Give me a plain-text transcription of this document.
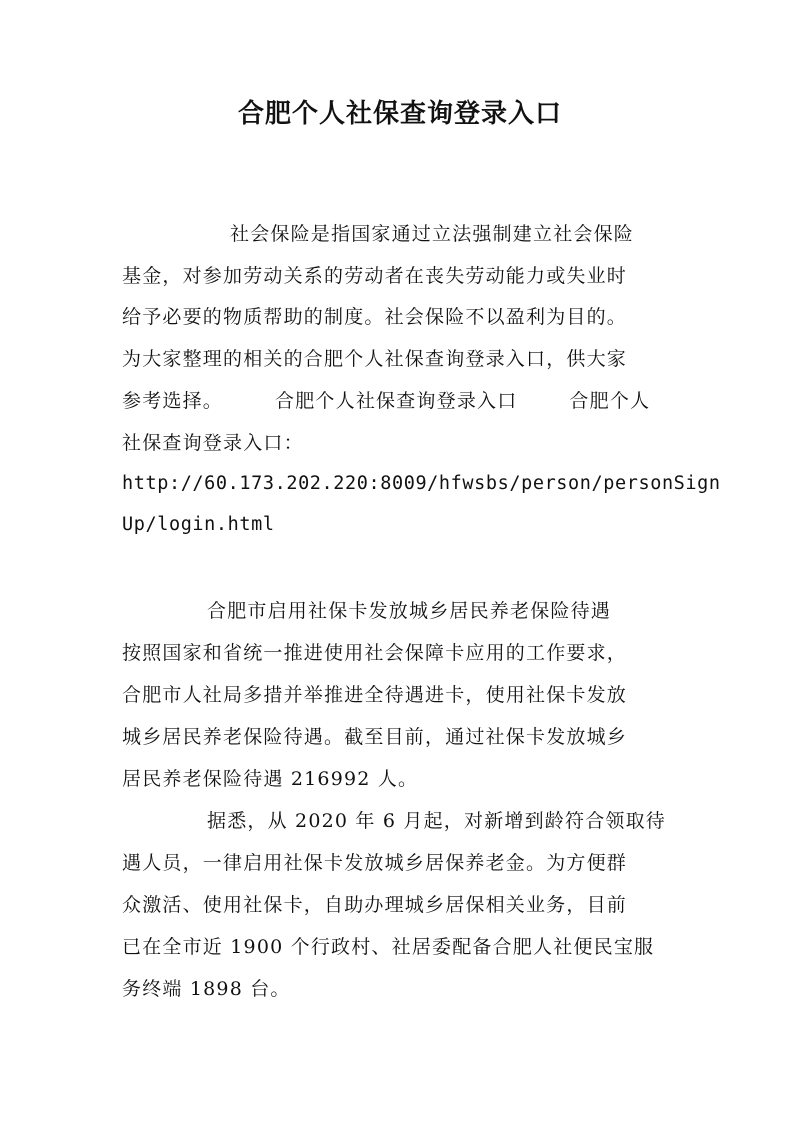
合肥个人社保查询登录入口
社会保险是指国家通过立法强制建立社会保险
基金，对参加劳动关系的劳动者在丧失劳动能力或失业时
给予必要的物质帮助的制度。社会保险不以盈利为目的。
为大家整理的相关的合肥个人社保查询登录入口，供大家
参考选择。	合肥个人社保查询登录入口	合肥个人
社保查询登录入口：
http://60.173.202.220:8009/hfwsbs/person/personSign
Up/login.html
合肥市启用社保卡发放城乡居民养老保险待遇
按照国家和省统一推进使用社会保障卡应用的工作要求，
合肥市人社局多措并举推进全待遇进卡，使用社保卡发放
城乡居民养老保险待遇。截至目前，通过社保卡发放城乡
居民养老保险待遇 216992 人。
据悉，从 2020 年 6 月起，对新增到龄符合领取待
遇人员，一律启用社保卡发放城乡居保养老金。为方便群
众激活、使用社保卡，自助办理城乡居保相关业务，目前
已在全市近 1900 个行政村、社居委配备合肥人社便民宝服
务终端 1898 台。
